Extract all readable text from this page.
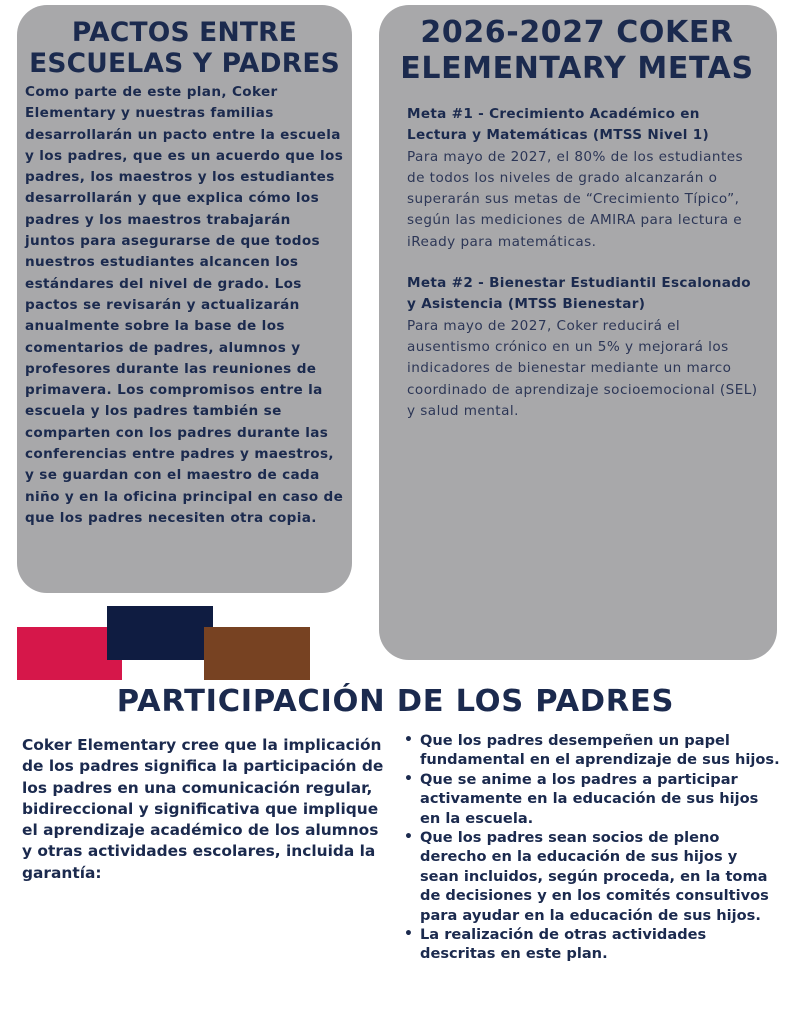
PACTOS ENTRE ESCUELAS Y PADRES

Como parte de este plan, Coker Elementary y nuestras familias desarrollarán un pacto entre la escuela y los padres, que es un acuerdo que los padres, los maestros y los estudiantes desarrollarán y que explica cómo los padres y los maestros trabajarán juntos para asegurarse de que todos nuestros estudiantes alcancen los estándares del nivel de grado. Los pactos se revisarán y actualizarán anualmente sobre la base de los comentarios de padres, alumnos y profesores durante las reuniones de primavera. Los compromisos entre la escuela y los padres también se comparten con los padres durante las conferencias entre padres y maestros, y se guardan con el maestro de cada niño y en la oficina principal en caso de que los padres necesiten otra copia.

2026-2027 COKER ELEMENTARY METAS

Meta #1 - Crecimiento Académico en Lectura y Matemáticas (MTSS Nivel 1)

Para mayo de 2027, el 80% de los estudiantes de todos los niveles de grado alcanzarán o superarán sus metas de “Crecimiento Típico”, según las mediciones de AMIRA para lectura e iReady para matemáticas.

Meta #2 - Bienestar Estudiantil Escalonado y Asistencia (MTSS Bienestar)

Para mayo de 2027, Coker reducirá el ausentismo crónico en un 5% y mejorará los indicadores de bienestar mediante un marco coordinado de aprendizaje socioemocional (SEL) y salud mental.

PARTICIPACIÓN DE LOS PADRES

Coker Elementary cree que la implicación de los padres significa la participación de los padres en una comunicación regular, bidireccional y significativa que implique el aprendizaje académico de los alumnos y otras actividades escolares, incluida la garantía:

• Que los padres desempeñen un papel fundamental en el aprendizaje de sus hijos.
• Que se anime a los padres a participar activamente en la educación de sus hijos en la escuela.
• Que los padres sean socios de pleno derecho en la educación de sus hijos y sean incluidos, según proceda, en la toma de decisiones y en los comités consultivos para ayudar en la educación de sus hijos.
• La realización de otras actividades descritas en este plan.
